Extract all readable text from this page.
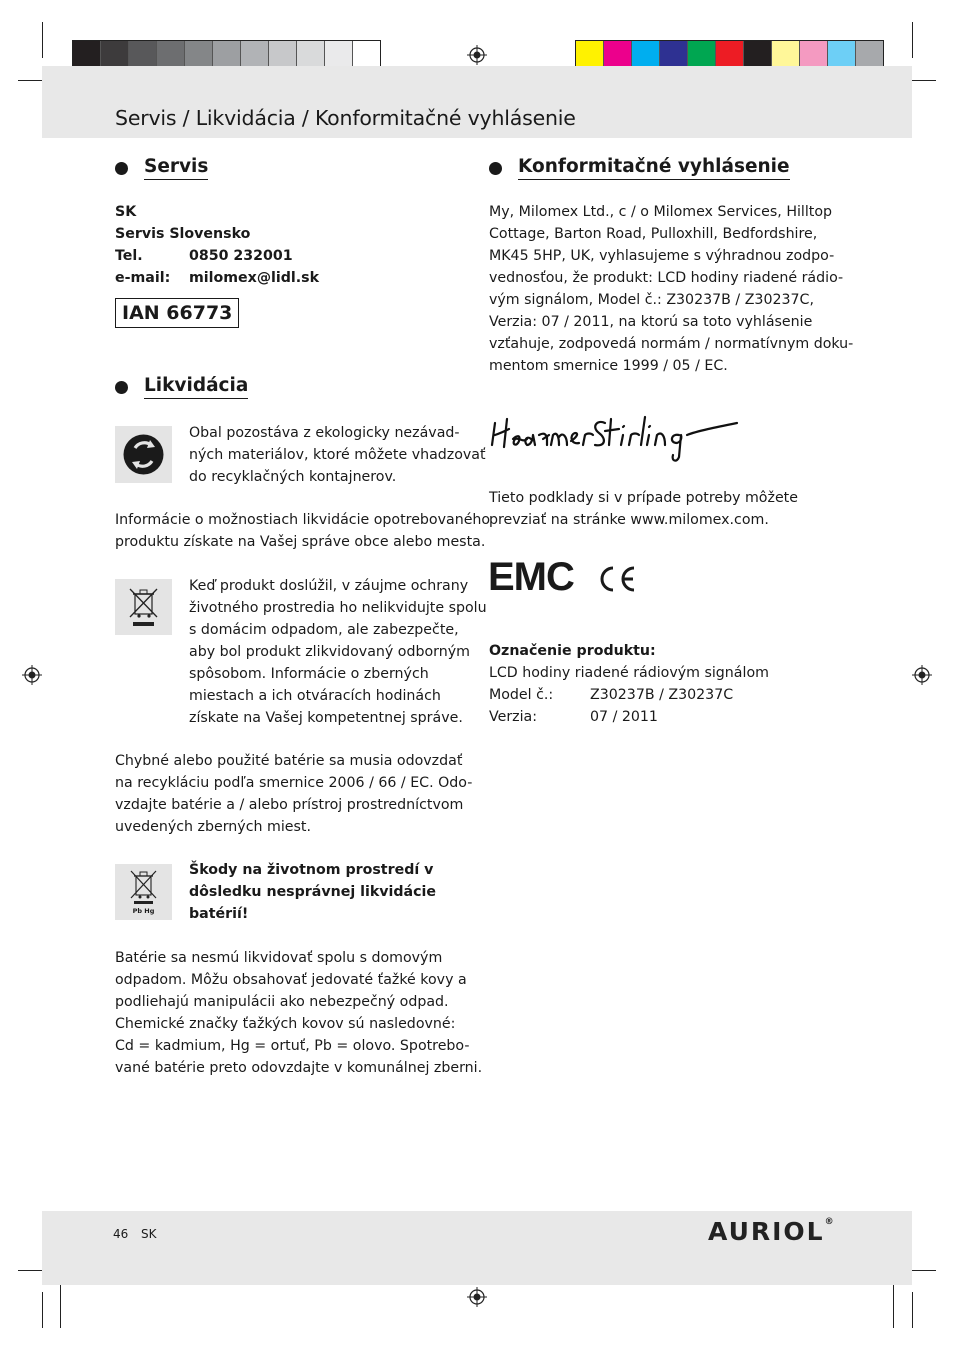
Servis / Likvidácia / Konformitačné vyhlásenie
Servis
SK
Servis Slovensko
Tel.	0850 232001
e-mail: milomex@lidl.sk
IAN 66773
Likvidácia
Obal pozostáva z ekologicky nezávad-
ných materiálov, ktoré môžete vhadzovať
do recyklačných kontajnerov.
Informácie o možnostiach likvidácie opotrebovaného
produktu získate na Vašej správe obce alebo mesta.
Keď produkt doslúžil, v záujme ochrany
životného prostredia ho nelikvidujte spolu
s domácim odpadom, ale zabezpečte,
aby bol produkt zlikvidovaný odborným
spôsobom. Informácie o zberných
miestach a ich otváracích hodinách
získate na Vašej kompetentnej správe.
Chybné alebo použité batérie sa musia odovzdať
na recykláciu podľa smernice 2006 / 66 / EC. Odo-
vzdajte batérie a / alebo prístroj prostredníctvom
uvedených zberných miest.
Pb Hg
Škody na životnom prostredí v
dôsledku nesprávnej likvidácie
batérií!
Batérie sa nesmú likvidovať spolu s domovým
odpadom. Môžu obsahovať jedovaté ťažké kovy a
podliehajú manipulácii ako nebezpečný odpad.
Chemické značky ťažkých kovov sú nasledovné:
Cd = kadmium, Hg = ortuť, Pb = olovo. Spotrebo-
vané batérie preto odovzdajte v komunálnej zberni.
Konformitačné vyhlásenie
My, Milomex Ltd., c / o Milomex Services, Hilltop
Cottage, Barton Road, Pulloxhill, Bedfordshire,
MK45 5HP, UK, vyhlasujeme s výhradnou zodpo-
vednosťou, že produkt: LCD hodiny riadené rádio-
vým signálom, Model č.: Z30237B / Z30237C,
Verzia: 07 / 2011, na ktorú sa toto vyhlásenie
vzťahuje, zodpovedá normám / normatívnym doku-
mentom smernice 1999 / 05 / EC.
Tieto podklady si v prípade potreby môžete
prevziať na stránke www.milomex.com.
EMC
Označenie produktu:
LCD hodiny riadené rádiovým signálom
Model č.:	Z30237B / Z30237C
Verzia:	07 / 2011
46 SK	AURIOL®
